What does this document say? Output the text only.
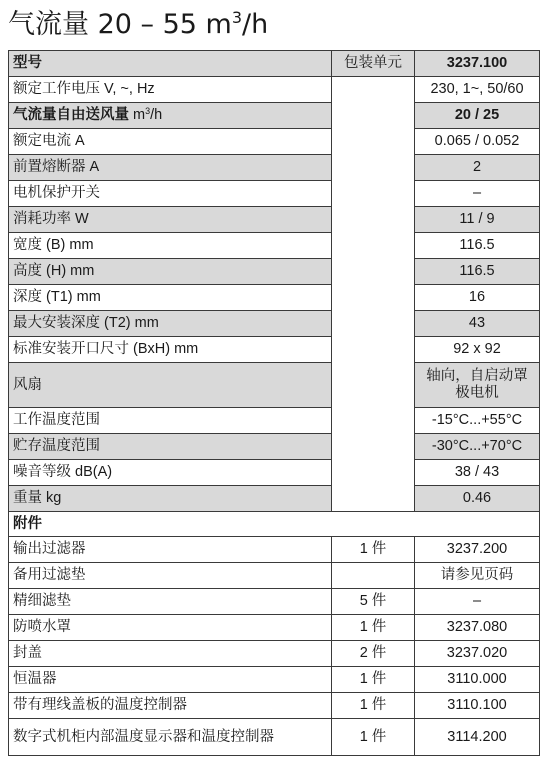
气流量 20 – 55 $m^3/h$
型号	包装单元	3237.100
额定工作电压 V, ~, Hz		230, 1~, 50/60
气流量自由送风量 $m^3/h$		20 / 25
额定电流 A		0.065 / 0.052
前置熔断器 A		2
电机保护开关		–
消耗功率 W		11 / 9
宽度 (B) mm		116.5
高度 (H) mm		116.5
深度 (T1) mm		16
最大安装深度 (T2) mm		43
标准安装开口尺寸 (BxH) mm		92 x 92
风扇		轴向，自启动罩
极电机
工作温度范围		-15°C...+55°C
贮存温度范围		-30°C...+70°C
噪音等级 dB(A)		38 / 43
重量 kg		0.46
附件		
输出过滤器	1 件	3237.200
备用过滤垫		请参见页码
精细滤垫	5 件	–
防喷水罩	1 件	3237.080
封盖	2 件	3237.020
恒温器	1 件	3110.000
带有理线盖板的温度控制器	1 件	3110.100
数字式机柜内部温度显示器和温度控制器	1 件	3114.200
